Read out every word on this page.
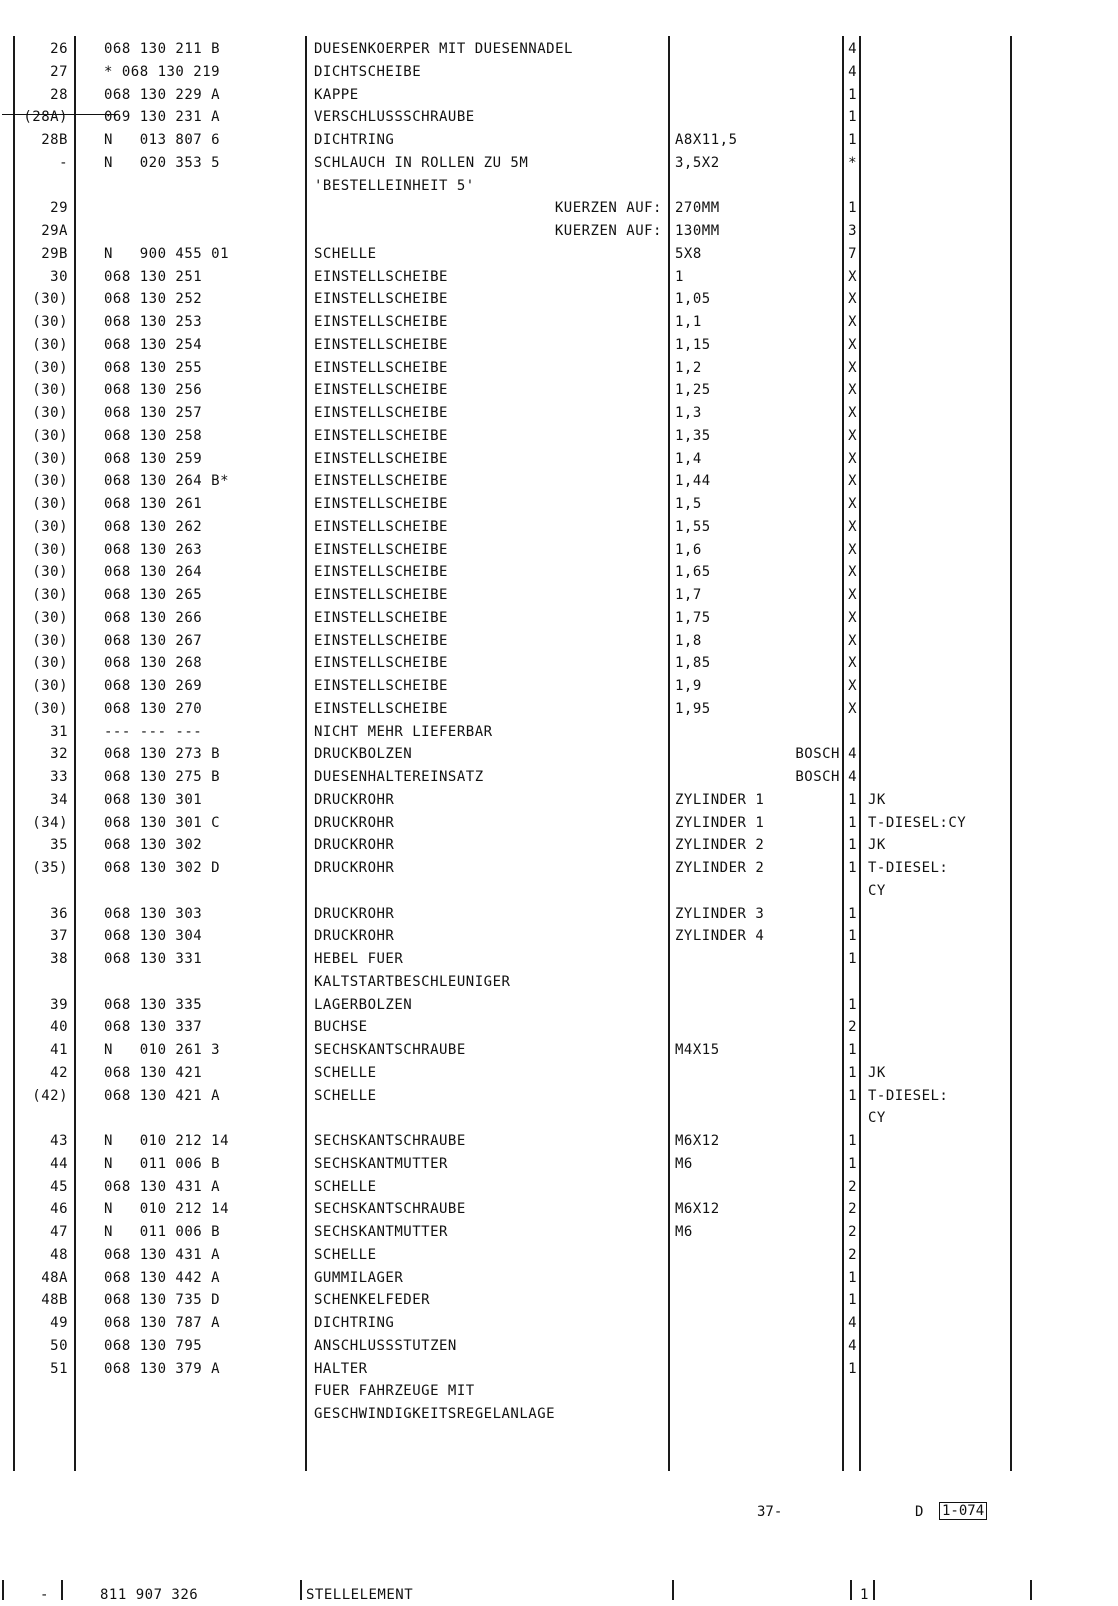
26	068 130 211 B	DUESENKOERPER MIT DUESENNADEL	4
27	* 068 130 219	DICHTSCHEIBE	4
28	068 130 229 A	KAPPE	1
(28A)	069 130 231 A	VERSCHLUSSSCHRAUBE	1
28B	N   013 807 6	DICHTRING	A8X11,5	1
-	N   020 353 5	SCHLAUCH IN ROLLEN ZU 5M	3,5X2	*
'BESTELLEINHEIT 5'
29	KUERZEN AUF: 270MM	1
29A	KUERZEN AUF: 130MM	3
29B	N   900 455 01	SCHELLE	5X8	7
30	068 130 251	EINSTELLSCHEIBE	1	X
(30)	068 130 252	EINSTELLSCHEIBE	1,05	X
(30)	068 130 253	EINSTELLSCHEIBE	1,1	X
(30)	068 130 254	EINSTELLSCHEIBE	1,15	X
(30)	068 130 255	EINSTELLSCHEIBE	1,2	X
(30)	068 130 256	EINSTELLSCHEIBE	1,25	X
(30)	068 130 257	EINSTELLSCHEIBE	1,3	X
(30)	068 130 258	EINSTELLSCHEIBE	1,35	X
(30)	068 130 259	EINSTELLSCHEIBE	1,4	X
(30)	068 130 264 B*	EINSTELLSCHEIBE	1,44	X
(30)	068 130 261	EINSTELLSCHEIBE	1,5	X
(30)	068 130 262	EINSTELLSCHEIBE	1,55	X
(30)	068 130 263	EINSTELLSCHEIBE	1,6	X
(30)	068 130 264	EINSTELLSCHEIBE	1,65	X
(30)	068 130 265	EINSTELLSCHEIBE	1,7	X
(30)	068 130 266	EINSTELLSCHEIBE	1,75	X
(30)	068 130 267	EINSTELLSCHEIBE	1,8	X
(30)	068 130 268	EINSTELLSCHEIBE	1,85	X
(30)	068 130 269	EINSTELLSCHEIBE	1,9	X
(30)	068 130 270	EINSTELLSCHEIBE	1,95	X
31	--- --- ---	NICHT MEHR LIEFERBAR
32	068 130 273 B	DRUCKBOLZEN	BOSCH 4
33	068 130 275 B	DUESENHALTEREINSATZ	BOSCH 4
34	068 130 301	DRUCKROHR	ZYLINDER 1	1 JK
(34)	068 130 301 C	DRUCKROHR	ZYLINDER 1	1 T-DIESEL:CY
35	068 130 302	DRUCKROHR	ZYLINDER 2	1 JK
(35)	068 130 302 D	DRUCKROHR	ZYLINDER 2	1 T-DIESEL:
CY
36	068 130 303	DRUCKROHR	ZYLINDER 3	1
37	068 130 304	DRUCKROHR	ZYLINDER 4	1
38	068 130 331	HEBEL FUER	1
KALTSTARTBESCHLEUNIGER
39	068 130 335	LAGERBOLZEN	1
40	068 130 337	BUCHSE	2
41	N   010 261 3	SECHSKANTSCHRAUBE	M4X15	1
42	068 130 421	SCHELLE	1 JK
(42)	068 130 421 A	SCHELLE	1 T-DIESEL:
CY
43	N   010 212 14	SECHSKANTSCHRAUBE	M6X12	1
44	N   011 006 B	SECHSKANTMUTTER	M6	1
45	068 130 431 A	SCHELLE	2
46	N   010 212 14	SECHSKANTSCHRAUBE	M6X12	2
47	N   011 006 B	SECHSKANTMUTTER	M6	2
48	068 130 431 A	SCHELLE	2
48A	068 130 442 A	GUMMILAGER	1
48B	068 130 735 D	SCHENKELFEDER	1
49	068 130 787 A	DICHTRING	4
50	068 130 795	ANSCHLUSSSTUTZEN	4
51	068 130 379 A	HALTER	1
FUER FAHRZEUGE MIT
GESCHWINDIGKEITSREGELANLAGE
37-	D 1-074
-	811 907 326	STELLELEMENT	1
